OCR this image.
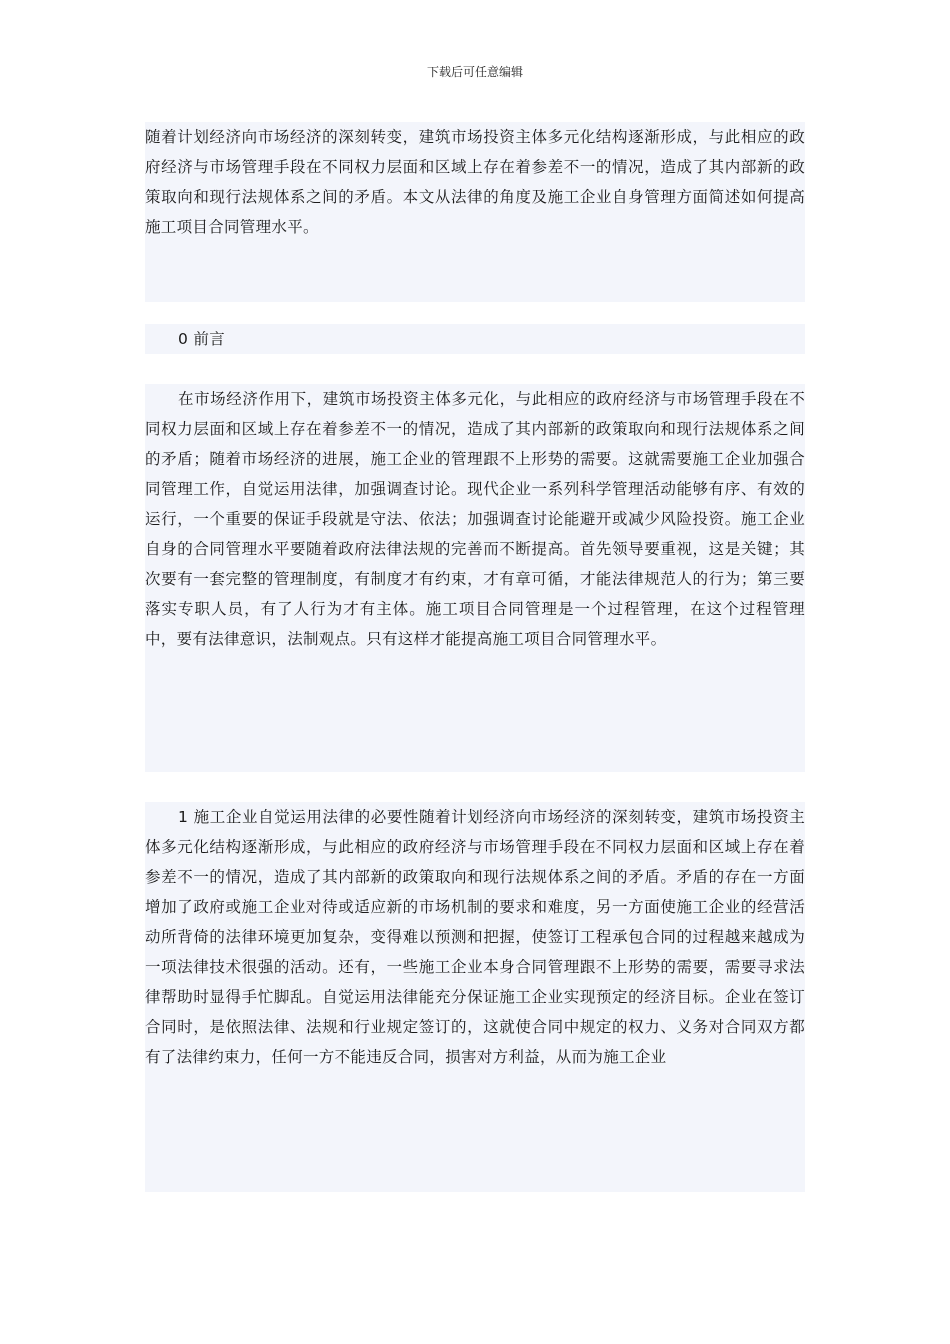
下载后可任意编辑

随着计划经济向市场经济的深刻转变，建筑市场投资主体多元化结构逐渐形成，与此相应的政府经济与市场管理手段在不同权力层面和区域上存在着参差不一的情况，造成了其内部新的政策取向和现行法规体系之间的矛盾。本文从法律的角度及施工企业自身管理方面简述如何提高施工项目合同管理水平。

0 前言

在市场经济作用下，建筑市场投资主体多元化，与此相应的政府经济与市场管理手段在不同权力层面和区域上存在着参差不一的情况，造成了其内部新的政策取向和现行法规体系之间的矛盾；随着市场经济的进展，施工企业的管理跟不上形势的需要。这就需要施工企业加强合同管理工作，自觉运用法律，加强调查讨论。现代企业一系列科学管理活动能够有序、有效的运行，一个重要的保证手段就是守法、依法；加强调查讨论能避开或减少风险投资。施工企业自身的合同管理水平要随着政府法律法规的完善而不断提高。首先领导要重视，这是关键；其次要有一套完整的管理制度，有制度才有约束，才有章可循，才能法律规范人的行为；第三要落实专职人员，有了人行为才有主体。施工项目合同管理是一个过程管理，在这个过程管理中，要有法律意识，法制观点。只有这样才能提高施工项目合同管理水平。

1 施工企业自觉运用法律的必要性随着计划经济向市场经济的深刻转变，建筑市场投资主体多元化结构逐渐形成，与此相应的政府经济与市场管理手段在不同权力层面和区域上存在着参差不一的情况，造成了其内部新的政策取向和现行法规体系之间的矛盾。矛盾的存在一方面增加了政府或施工企业对待或适应新的市场机制的要求和难度，另一方面使施工企业的经营活动所背倚的法律环境更加复杂，变得难以预测和把握，使签订工程承包合同的过程越来越成为一项法律技术很强的活动。还有，一些施工企业本身合同管理跟不上形势的需要，需要寻求法律帮助时显得手忙脚乱。自觉运用法律能充分保证施工企业实现预定的经济目标。企业在签订合同时，是依照法律、法规和行业规定签订的，这就使合同中规定的权力、义务对合同双方都有了法律约束力，任何一方不能违反合同，损害对方利益，从而为施工企业
